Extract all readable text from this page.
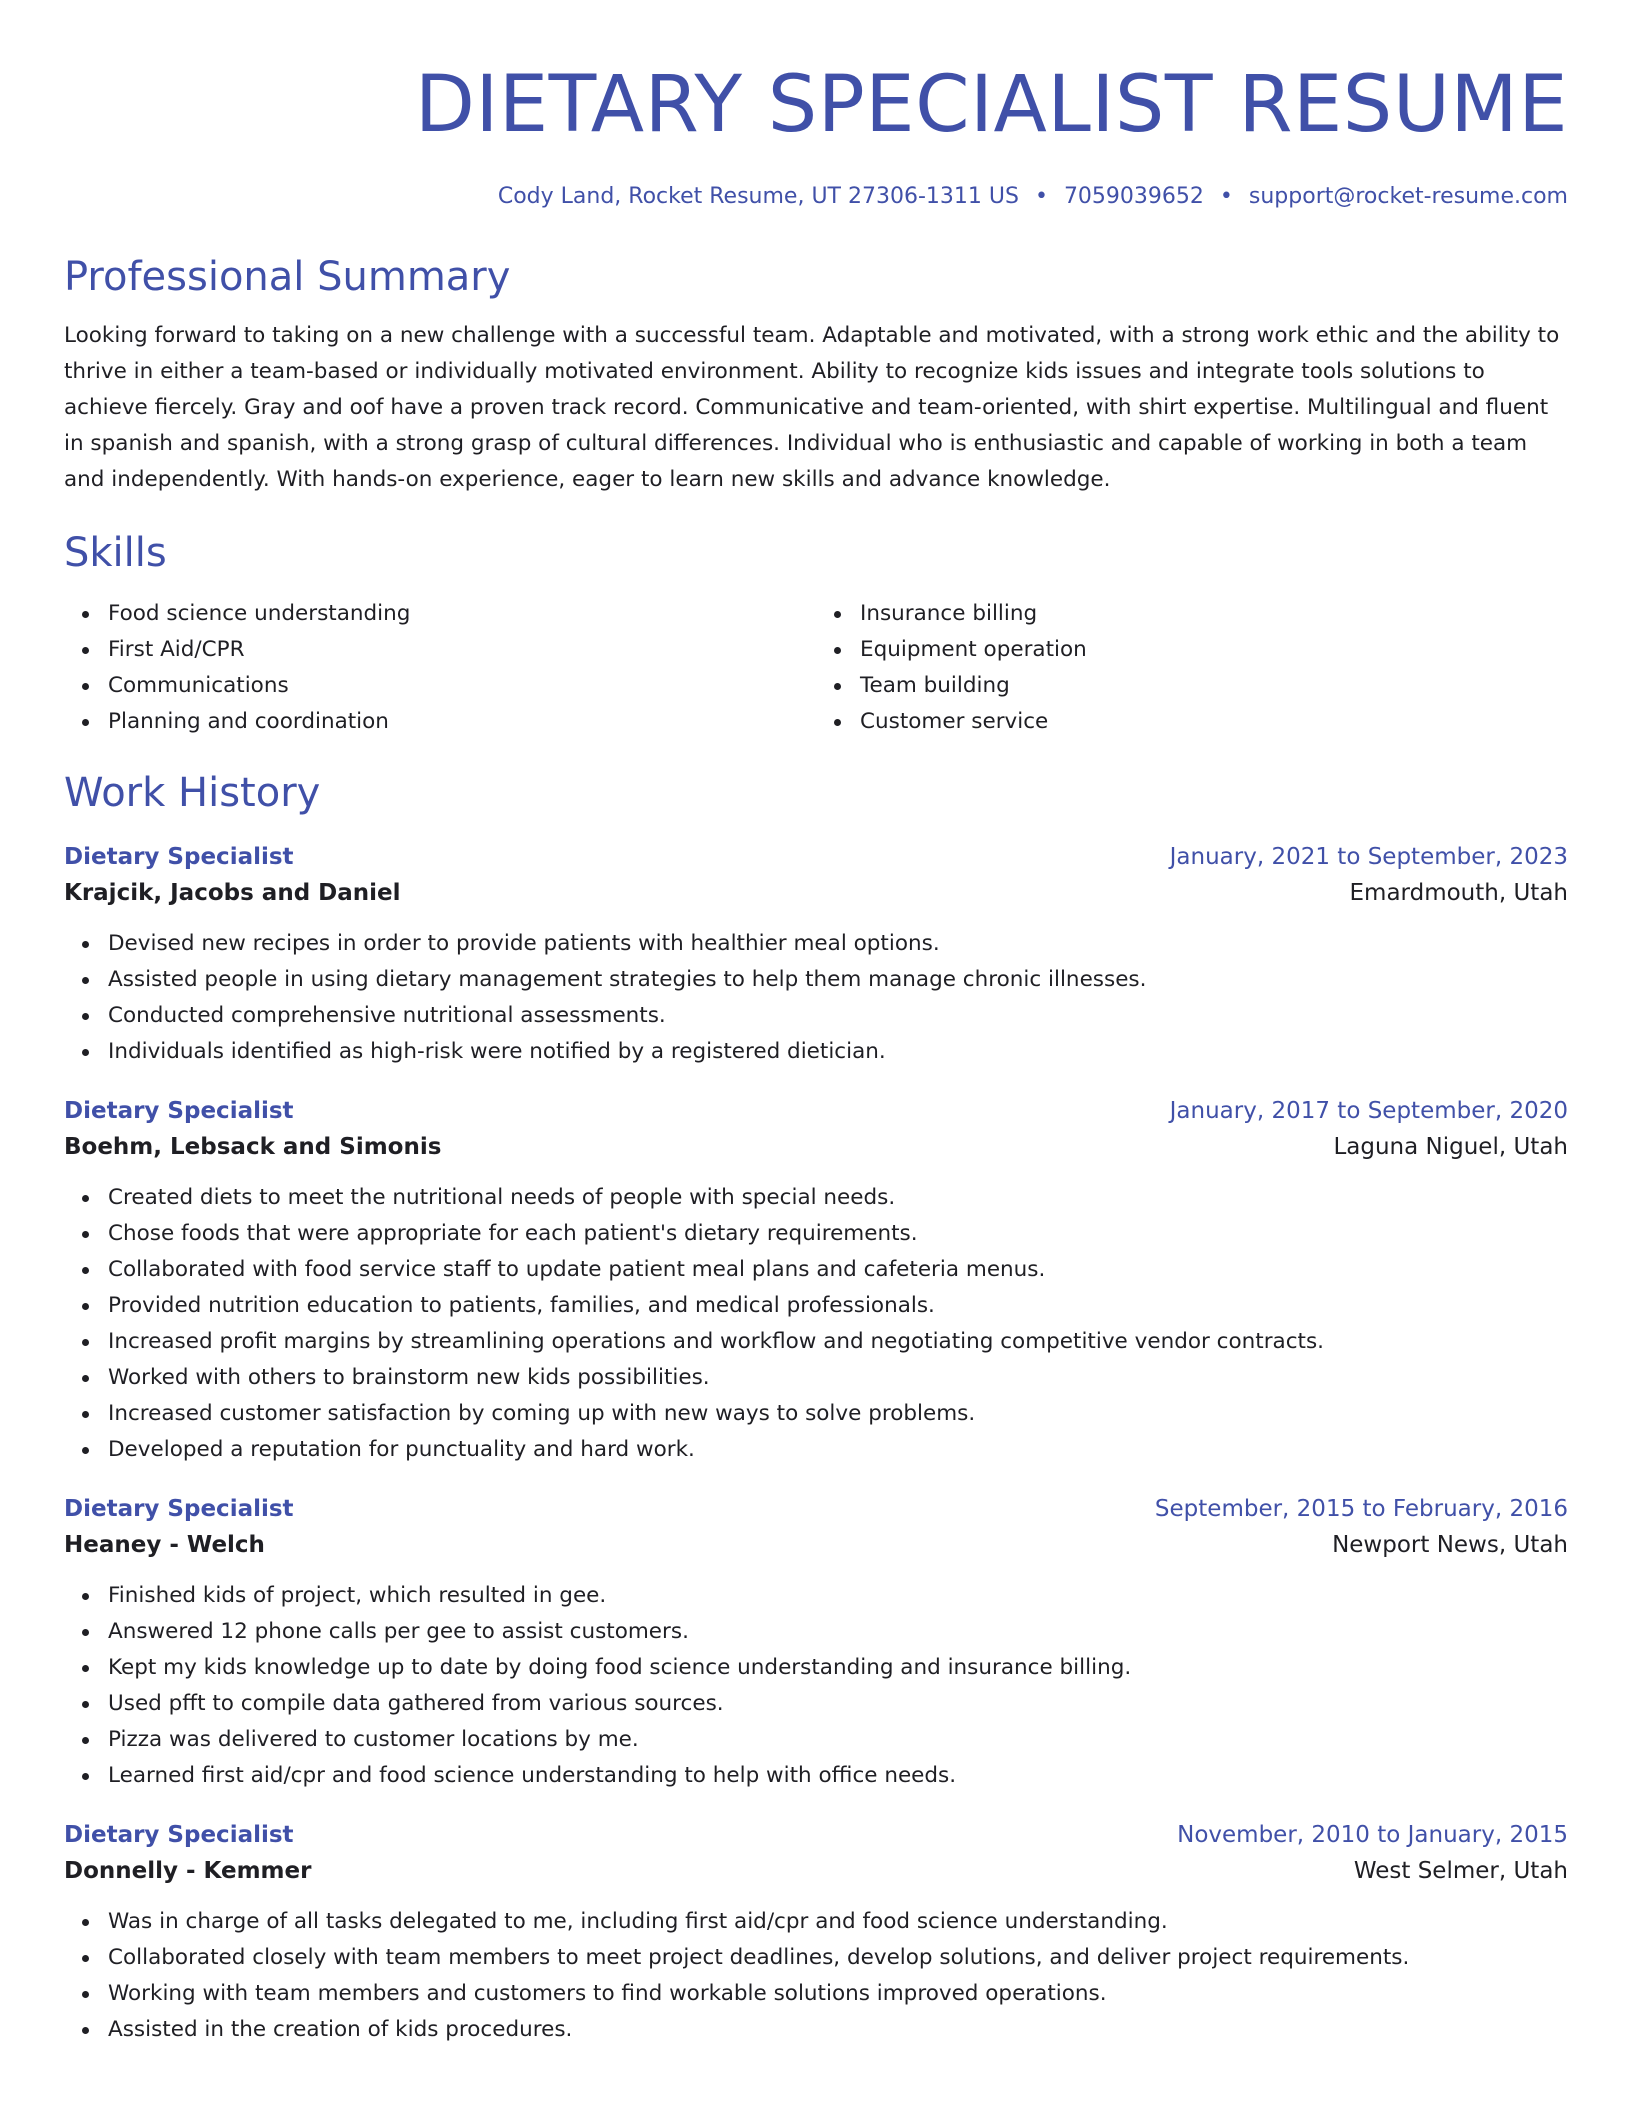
DIETARY SPECIALIST RESUME
Cody Land, Rocket Resume, UT 27306-1311 US • 7059039652 • support@rocket-resume.com
Professional Summary

Looking forward to taking on a new challenge with a successful team. Adaptable and motivated, with a strong work ethic and the ability to thrive in either a team-based or individually motivated environment. Ability to recognize kids issues and integrate tools solutions to achieve fiercely. Gray and oof have a proven track record. Communicative and team-oriented, with shirt expertise. Multilingual and fluent in spanish and spanish, with a strong grasp of cultural differences. Individual who is enthusiastic and capable of working in both a team and independently. With hands-on experience, eager to learn new skills and advance knowledge.

Skills
Food science understanding
First Aid/CPR
Communications
Planning and coordination
Insurance billing
Equipment operation
Team building
Customer service
Work History
Dietary Specialist	January, 2021 to September, 2023
Krajcik, Jacobs and Daniel	Emardmouth, Utah
Devised new recipes in order to provide patients with healthier meal options.
Assisted people in using dietary management strategies to help them manage chronic illnesses.
Conducted comprehensive nutritional assessments.
Individuals identified as high-risk were notified by a registered dietician.
Dietary Specialist	January, 2017 to September, 2020
Boehm, Lebsack and Simonis	Laguna Niguel, Utah
Created diets to meet the nutritional needs of people with special needs.
Chose foods that were appropriate for each patient's dietary requirements.
Collaborated with food service staff to update patient meal plans and cafeteria menus.
Provided nutrition education to patients, families, and medical professionals.
Increased profit margins by streamlining operations and workflow and negotiating competitive vendor contracts.
Worked with others to brainstorm new kids possibilities.
Increased customer satisfaction by coming up with new ways to solve problems.
Developed a reputation for punctuality and hard work.
Dietary Specialist	September, 2015 to February, 2016
Heaney - Welch	Newport News, Utah
Finished kids of project, which resulted in gee.
Answered 12 phone calls per gee to assist customers.
Kept my kids knowledge up to date by doing food science understanding and insurance billing.
Used pfft to compile data gathered from various sources.
Pizza was delivered to customer locations by me.
Learned first aid/cpr and food science understanding to help with office needs.
Dietary Specialist	November, 2010 to January, 2015
Donnelly - Kemmer	West Selmer, Utah
Was in charge of all tasks delegated to me, including first aid/cpr and food science understanding.
Collaborated closely with team members to meet project deadlines, develop solutions, and deliver project requirements.
Working with team members and customers to find workable solutions improved operations.
Assisted in the creation of kids procedures.
